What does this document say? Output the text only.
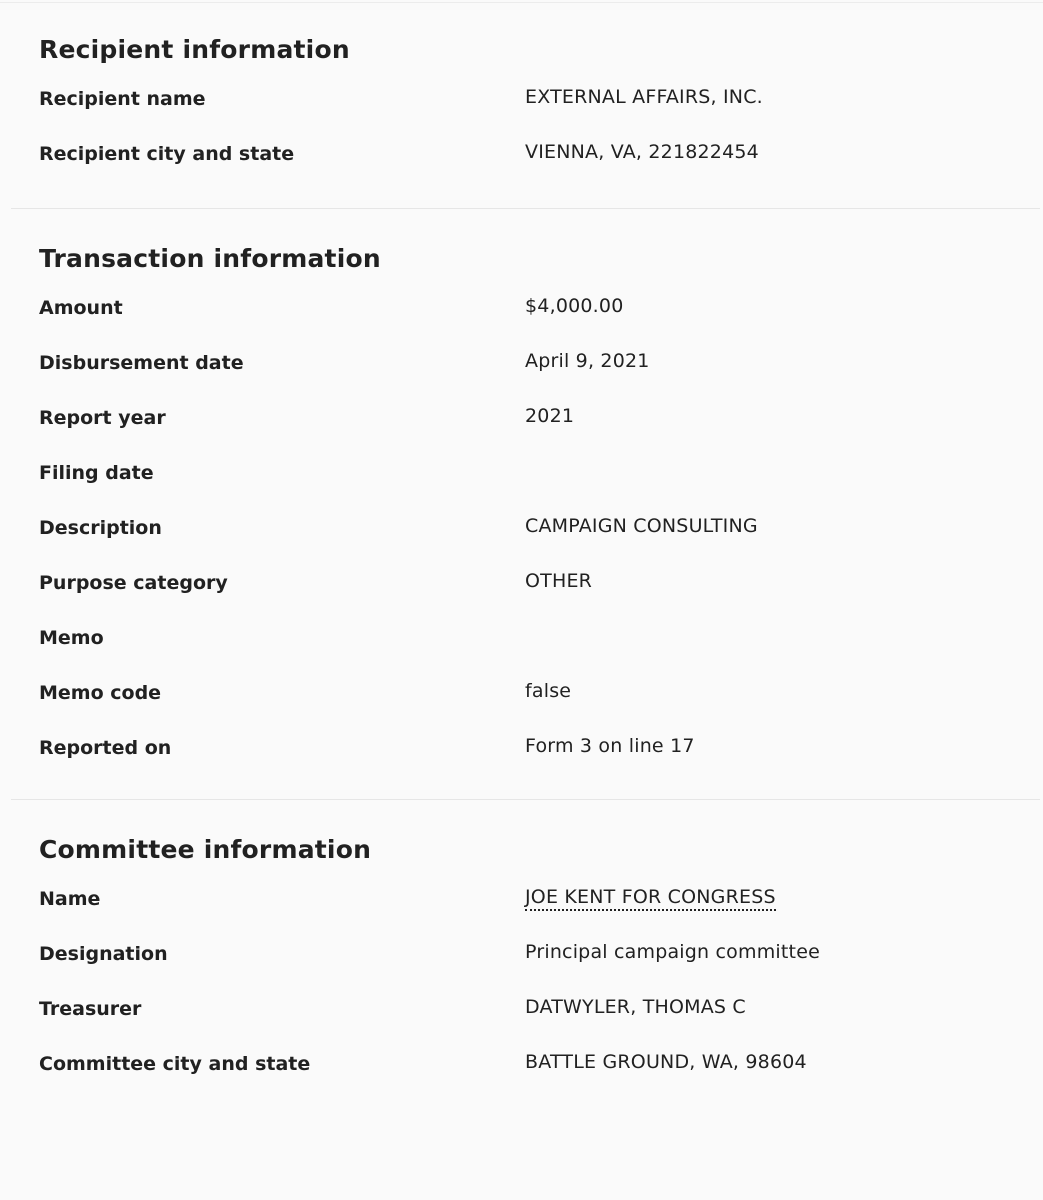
Recipient information
Recipient name	EXTERNAL AFFAIRS, INC.
Recipient city and state	VIENNA, VA, 221822454
Transaction information
Amount	$4,000.00
Disbursement date	April 9, 2021
Report year	2021
Filing date
Description	CAMPAIGN CONSULTING
Purpose category	OTHER
Memo
Memo code	false
Reported on	Form 3 on line 17
Committee information
Name	JOE KENT FOR CONGRESS
Designation	Principal campaign committee
Treasurer	DATWYLER, THOMAS C
Committee city and state	BATTLE GROUND, WA, 98604
